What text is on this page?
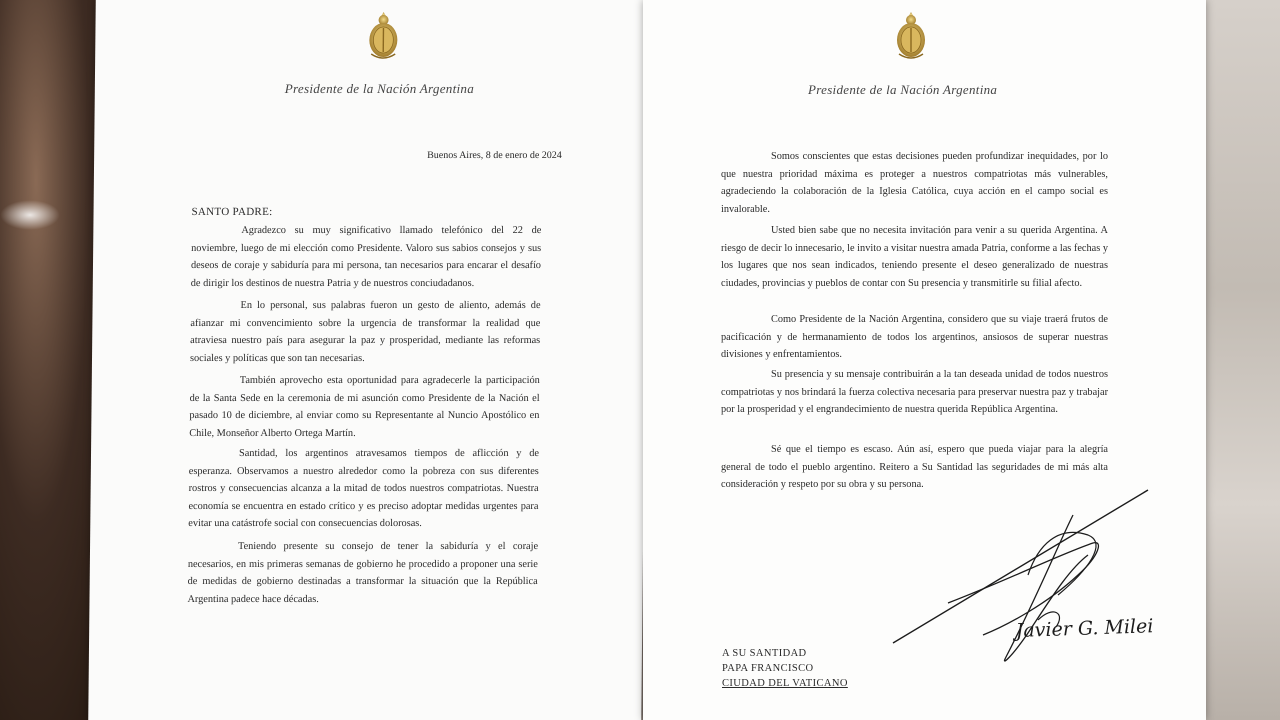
Presidente de la Nación Argentina
Buenos Aires, 8 de enero de 2024
SANTO PADRE:

Agradezco su muy significativo llamado telefónico del 22 de noviembre, luego de mi elección como Presidente. Valoro sus sabios consejos y sus deseos de coraje y sabiduría para mi persona, tan necesarios para encarar el desafío de dirigir los destinos de nuestra Patria y de nuestros conciudadanos.

En lo personal, sus palabras fueron un gesto de aliento, además de afianzar mi convencimiento sobre la urgencia de transformar la realidad que atraviesa nuestro país para asegurar la paz y prosperidad, mediante las reformas sociales y políticas que son tan necesarias.

También aprovecho esta oportunidad para agradecerle la participación de la Santa Sede en la ceremonia de mi asunción como Presidente de la Nación el pasado 10 de diciembre, al enviar como su Representante al Nuncio Apostólico en Chile, Monseñor Alberto Ortega Martín.

Santidad, los argentinos atravesamos tiempos de aflicción y de esperanza. Observamos a nuestro alrededor como la pobreza con sus diferentes rostros y consecuencias alcanza a la mitad de todos nuestros compatriotas. Nuestra economía se encuentra en estado crítico y es preciso adoptar medidas urgentes para evitar una catástrofe social con consecuencias dolorosas.

Teniendo presente su consejo de tener la sabiduría y el coraje necesarios, en mis primeras semanas de gobierno he procedido a proponer una serie de medidas de gobierno destinadas a transformar la situación que la República Argentina padece hace décadas.

Presidente de la Nación Argentina

Somos conscientes que estas decisiones pueden profundizar inequidades, por lo que nuestra prioridad máxima es proteger a nuestros compatriotas más vulnerables, agradeciendo la colaboración de la Iglesia Católica, cuya acción en el campo social es invalorable.

Usted bien sabe que no necesita invitación para venir a su querida Argentina. A riesgo de decir lo innecesario, le invito a visitar nuestra amada Patria, conforme a las fechas y los lugares que nos sean indicados, teniendo presente el deseo generalizado de nuestras ciudades, provincias y pueblos de contar con Su presencia y transmitirle su filial afecto.

Como Presidente de la Nación Argentina, considero que su viaje traerá frutos de pacificación y de hermanamiento de todos los argentinos, ansiosos de superar nuestras divisiones y enfrentamientos.

Su presencia y su mensaje contribuirán a la tan deseada unidad de todos nuestros compatriotas y nos brindará la fuerza colectiva necesaria para preservar nuestra paz y trabajar por la prosperidad y el engrandecimiento de nuestra querida República Argentina.

Sé que el tiempo es escaso. Aún así, espero que pueda viajar para la alegría general de todo el pueblo argentino. Reitero a Su Santidad las seguridades de mi más alta consideración y respeto por su obra y su persona.

Javier G. Milei
A SU SANTIDAD
PAPA FRANCISCO
CIUDAD DEL VATICANO
